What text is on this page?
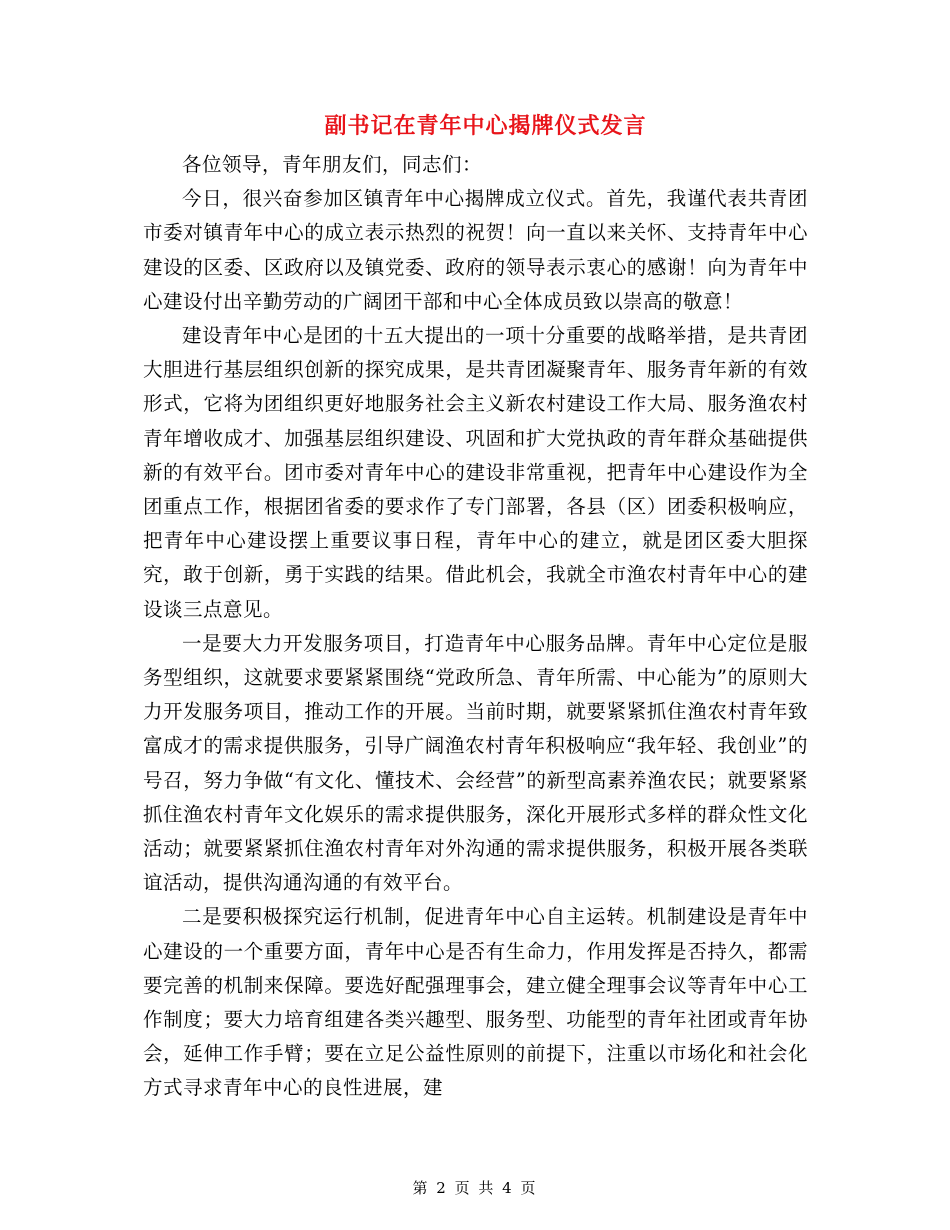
副书记在青年中心揭牌仪式发言

各位领导，青年朋友们，同志们：

今日，很兴奋参加区镇青年中心揭牌成立仪式。首先，我谨代表共青团市委对镇青年中心的成立表示热烈的祝贺！向一直以来关怀、支持青年中心建设的区委、区政府以及镇党委、政府的领导表示衷心的感谢！向为青年中心建设付出辛勤劳动的广阔团干部和中心全体成员致以崇高的敬意！

建设青年中心是团的十五大提出的一项十分重要的战略举措，是共青团大胆进行基层组织创新的探究成果，是共青团凝聚青年、服务青年新的有效形式，它将为团组织更好地服务社会主义新农村建设工作大局、服务渔农村青年增收成才、加强基层组织建设、巩固和扩大党执政的青年群众基础提供新的有效平台。团市委对青年中心的建设非常重视，把青年中心建设作为全团重点工作，根据团省委的要求作了专门部署，各县（区）团委积极响应，把青年中心建设摆上重要议事日程，青年中心的建立，就是团区委大胆探究，敢于创新，勇于实践的结果。借此机会，我就全市渔农村青年中心的建设谈三点意见。

一是要大力开发服务项目，打造青年中心服务品牌。青年中心定位是服务型组织，这就要求要紧紧围绕“党政所急、青年所需、中心能为”的原则大力开发服务项目，推动工作的开展。当前时期，就要紧紧抓住渔农村青年致富成才的需求提供服务，引导广阔渔农村青年积极响应“我年轻、我创业”的号召，努力争做“有文化、懂技术、会经营”的新型高素养渔农民；就要紧紧抓住渔农村青年文化娱乐的需求提供服务，深化开展形式多样的群众性文化活动；就要紧紧抓住渔农村青年对外沟通的需求提供服务，积极开展各类联谊活动，提供沟通沟通的有效平台。

二是要积极探究运行机制，促进青年中心自主运转。机制建设是青年中心建设的一个重要方面，青年中心是否有生命力，作用发挥是否持久，都需要完善的机制来保障。要选好配强理事会，建立健全理事会议等青年中心工作制度；要大力培育组建各类兴趣型、服务型、功能型的青年社团或青年协会，延伸工作手臂；要在立足公益性原则的前提下，注重以市场化和社会化方式寻求青年中心的良性进展，建

第 2 页 共 4 页
